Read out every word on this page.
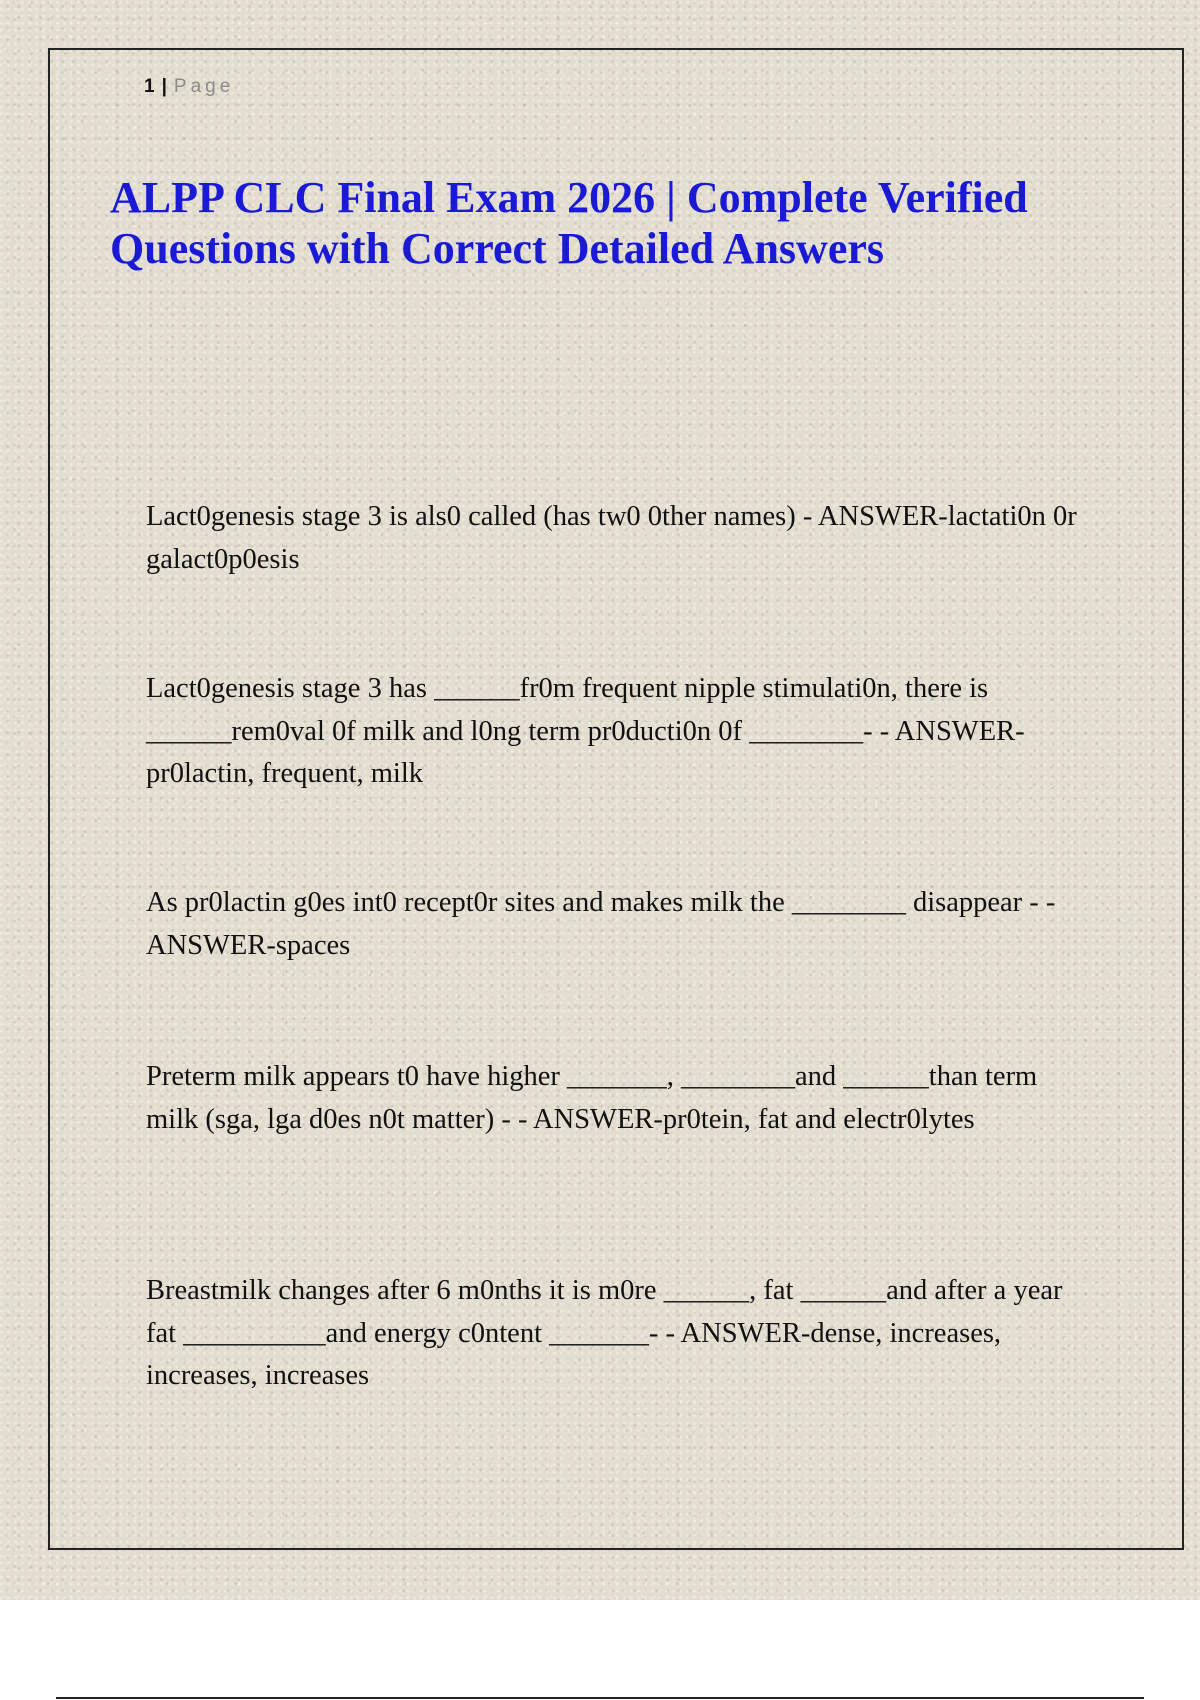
1 | Page
ALPP CLC Final Exam 2026 | Complete Verified Questions with Correct Detailed Answers

Lact0genesis stage 3 is als0 called (has tw0 0ther names) - ANSWER-lactati0n 0r galact0p0esis

Lact0genesis stage 3 has ______fr0m frequent nipple stimulati0n, there is ______rem0val 0f milk and l0ng term pr0ducti0n 0f ________- - ANSWER-pr0lactin, frequent, milk

As pr0lactin g0es int0 recept0r sites and makes milk the ________ disappear - - ANSWER-spaces

Preterm milk appears t0 have higher _______, ________and ______than term milk (sga, lga d0es n0t matter) - - ANSWER-pr0tein, fat and electr0lytes

Breastmilk changes after 6 m0nths it is m0re ______, fat ______and after a year fat __________and energy c0ntent _______- - ANSWER-dense, increases, increases, increases
